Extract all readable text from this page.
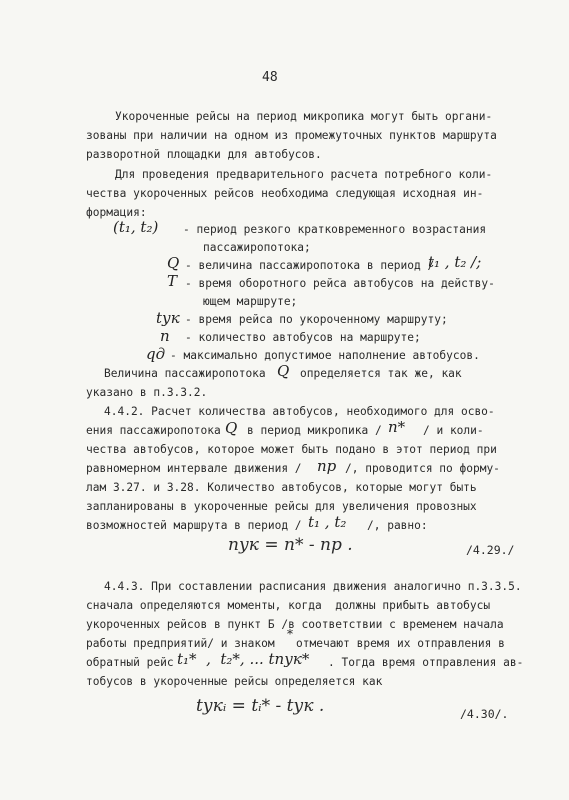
48
Укороченные рейсы на период микропика могут быть органи-
зованы при наличии на одном из промежуточных пунктов маршрута
разворотной площадки для автобусов.
Для проведения предварительного расчета потребного коли-
чества укороченных рейсов необходима следующая исходная ин-
формация:
(t₁, t₂) - период резкого кратковременного возрастания
пассажиропотока;
Q - величина пассажиропотока в период /
t₁ , t₂ /;
T - время оборотного рейса автобусов на действу-
ющем маршруте;
tук - время рейса по укороченному маршруту;
n - количество автобусов на маршруте;
qд - максимально допустимое наполнение автобусов.
Величина пассажиропотока Q определяется так же, как
указано в п.3.3.2.
4.4.2. Расчет количества автобусов, необходимого для осво-
ения пассажиропотока Q в период микропика / n* / и коли-
чества автобусов, которое может быть подано в этот период при
равномерном интервале движения / nр /, проводится по форму-
лам 3.27. и 3.28. Количество автобусов, которые могут быть
запланированы в укороченные рейсы для увеличения провозных
возможностей маршрута в период / t₁ , t₂ /, равно:
nук = n* - nр .	/4.29./
4.4.3. При составлении расписания движения аналогично п.3.3.5.
сначала определяются моменты, когда  должны прибыть автобусы
укороченных рейсов в пункт Б /в соответствии с временем начала
работы предприятий/ и знаком
*
отмечают время их отправления в
обратный рейс t₁*  ,  t₂*, ... tnук* . Тогда время отправления ав-
тобусов в укороченные рейсы определяется как
tукᵢ = tᵢ* - tук .	/4.30/.
